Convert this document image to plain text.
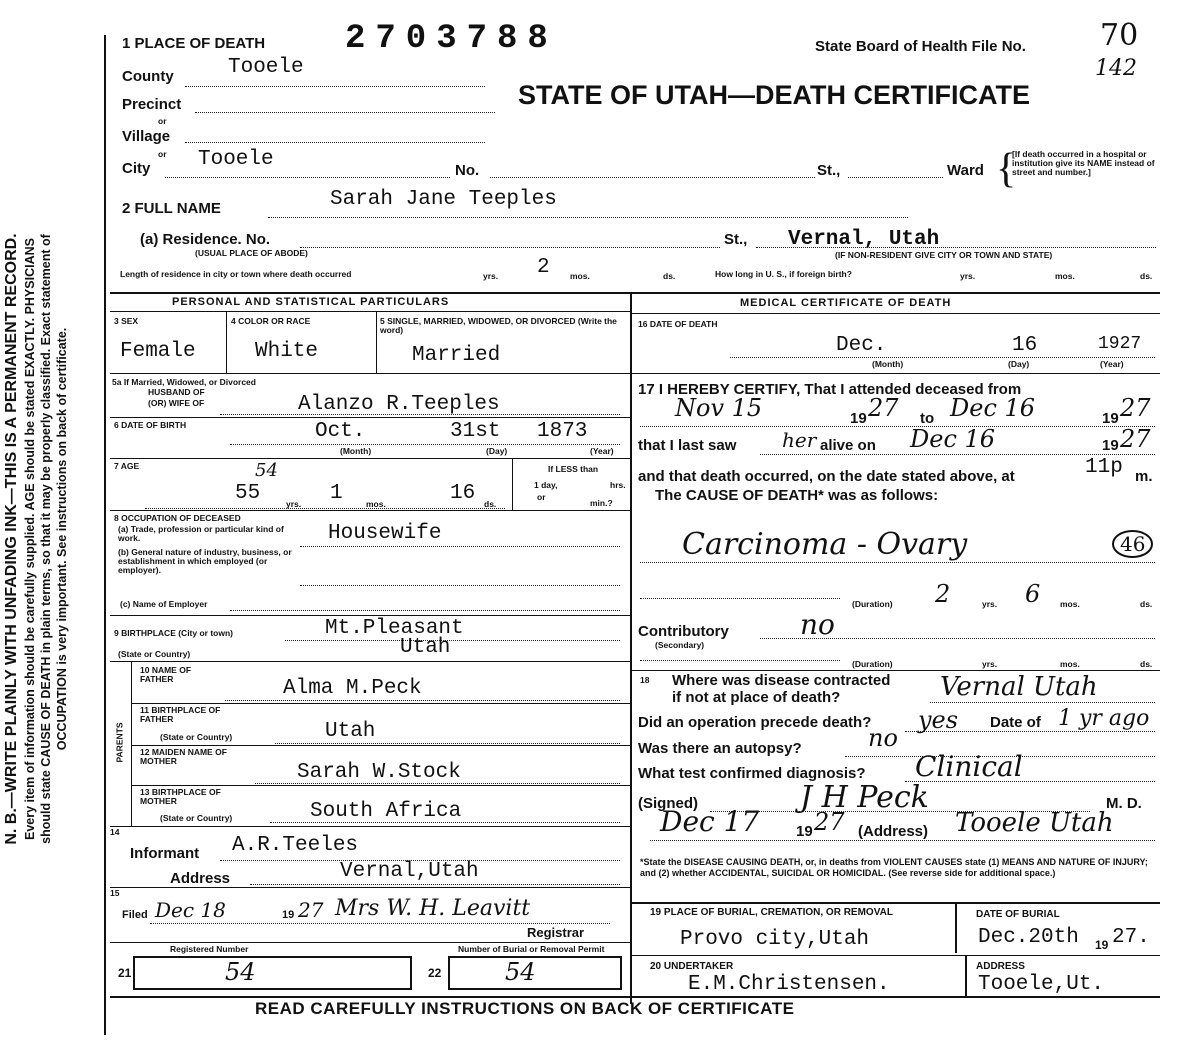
N. B.—WRITE PLAINLY WITH UNFADING INK—THIS IS A PERMANENT RECORD. Every item of information should be carefully supplied. AGE should be stated EXACTLY. PHYSICIANS should state CAUSE OF DEATH in plain terms, so that it may be properly classified. Exact statement of OCCUPATION is very important. See instructions on back of certificate.
1 PLACE OF DEATH 2703788	State Board of Health File No. 70
142
STATE OF UTAH—DEATH CERTIFICATE
County	Tooele
Precinct
or
Village
or
City Tooele	No.	St.,	Ward {
[If death occurred in a hospital or institution give its NAME instead of street and number.]
2 FULL NAME	Sarah Jane Teeples
(a) Residence. No.
(USUAL PLACE OF ABODE)
St., Vernal, Utah
(IF NON-RESIDENT GIVE CITY OR TOWN AND STATE)
Length of residence in city or town where death occurred	yrs. 2 mos.	ds.	How long in U. S., if foreign birth?	yrs.	mos.	ds.
PERSONAL AND STATISTICAL PARTICULARS
3 SEX
Female
4 COLOR OR RACE
White
5 SINGLE, MARRIED, WIDOWED, OR DIVORCED (Write the word)
Married
5a If Married, Widowed, or Divorced
HUSBAND OF
(OR) WIFE OF	Alanzo R.Teeples
6 DATE OF BIRTH	Oct.	31st 1873
(Month)	(Day)	(Year)
7 AGE	54
55	yrs. 1	mos.	16 ds.
If LESS than
1 day,	hrs.
or
min.?
8 OCCUPATION OF DECEASED
(a) Trade, profession or particular kind of work.
(b) General nature of industry, business, or establishment in which employed (or employer).
Housewife
(c) Name of Employer
9 BIRTHPLACE (City or town)	Mt.Pleasant
(State or Country)	Utah
PARENTS
10 NAME OF FATHER	Alma M.Peck
11 BIRTHPLACE OF FATHER
(State or Country)	Utah
12 MAIDEN NAME OF MOTHER	Sarah W.Stock
13 BIRTHPLACE OF MOTHER
(State or Country)	South Africa
14
Informant A.R.Teeles
Address	Vernal,Utah
15
Filed Dec 18	19 27 Mrs W. H. Leavitt
Registrar
Registered Number	Number of Burial or Removal Permit
21	54	22	54
MEDICAL CERTIFICATE OF DEATH
16 DATE OF DEATH
Dec.	16	1927
(Month)	(Day)	(Year)
17 I HEREBY CERTIFY, That I attended deceased from
Nov 15	19 27 to Dec 16	19 27
that I last saw her alive on Dec 16	19 27
and that death occurred, on the date stated above, at	11p m.
The CAUSE OF DEATH* was as follows:
Carcinoma - Ovary	46
(Duration) 2	yrs. 6 mos.	ds.
Contributory
(Secondary)
no
(Duration)	yrs.	mos.	ds.
18 Where was disease contracted
if not at place of death?	Vernal Utah
Did an operation precede death? yes Date of 1 yr ago
Was there an autopsy?	no
What test confirmed diagnosis? Clinical
(Signed)	J H Peck	M. D.
Dec 17 19 27 (Address) Tooele Utah
*State the DISEASE CAUSING DEATH, or, in deaths from VIOLENT CAUSES state (1) MEANS AND NATURE OF INJURY; and (2) whether ACCIDENTAL, SUICIDAL OR HOMICIDAL. (See reverse side for additional space.)
19 PLACE OF BURIAL, CREMATION, OR REMOVAL
Provo city,Utah
DATE OF BURIAL
Dec.20th 19 27.
20 UNDERTAKER
E.M.Christensen.
ADDRESS
Tooele,Ut.
READ CAREFULLY INSTRUCTIONS ON BACK OF CERTIFICATE
